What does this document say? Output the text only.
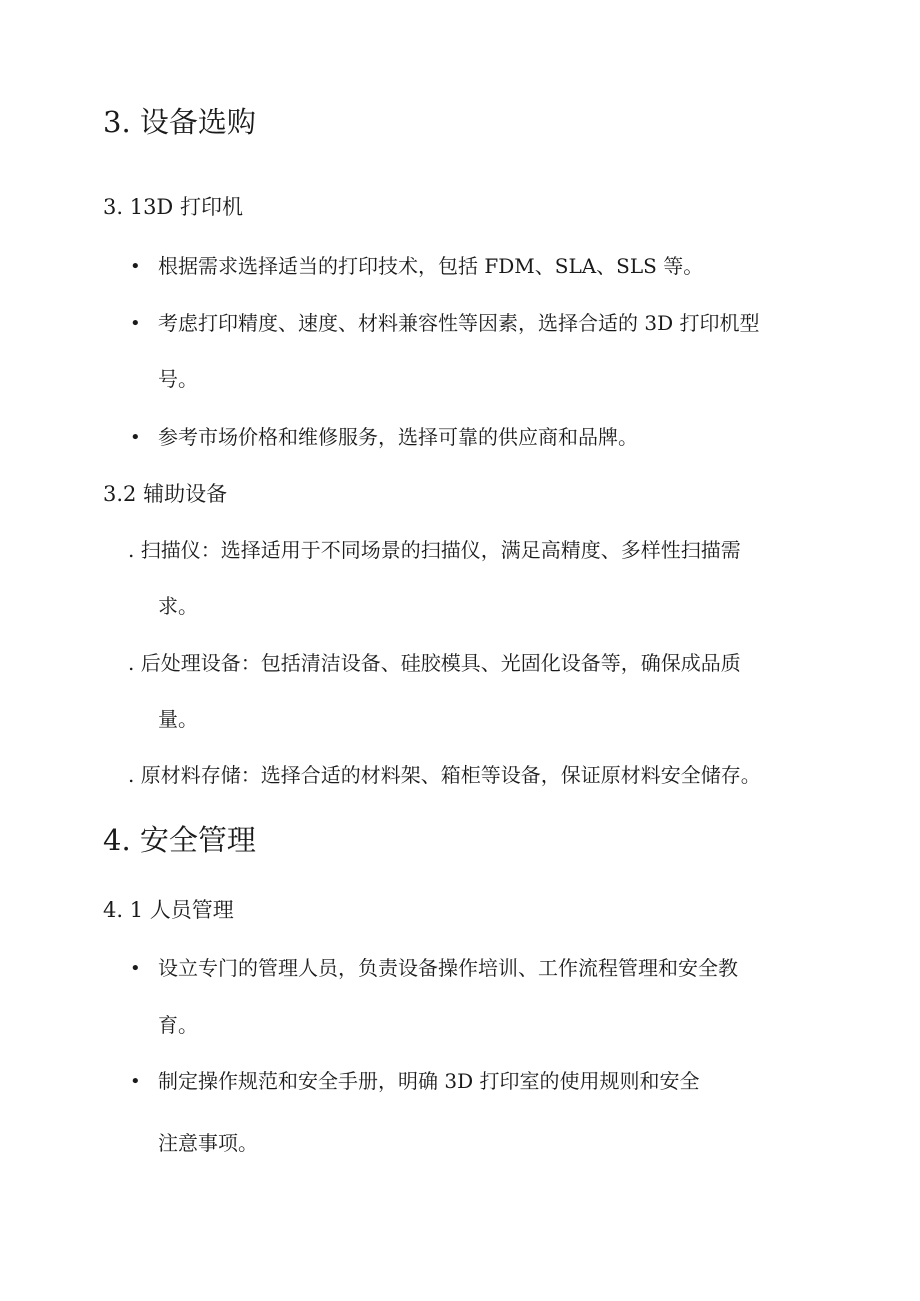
3. 设备选购
3. 13D 打印机
• 根据需求选择适当的打印技术，包括 FDM、SLA、SLS 等。
• 考虑打印精度、速度、材料兼容性等因素，选择合适的 3D 打印机型
号。
• 参考市场价格和维修服务，选择可靠的供应商和品牌。
3.2 辅助设备
. 扫描仪：选择适用于不同场景的扫描仪，满足高精度、多样性扫描需
求。
. 后处理设备：包括清洁设备、硅胶模具、光固化设备等，确保成品质
量。
. 原材料存储：选择合适的材料架、箱柜等设备，保证原材料安全储存。
4. 安全管理
4. 1 人员管理
• 设立专门的管理人员，负责设备操作培训、工作流程管理和安全教
育。
• 制定操作规范和安全手册，明确 3D 打印室的使用规则和安全
注意事项。
